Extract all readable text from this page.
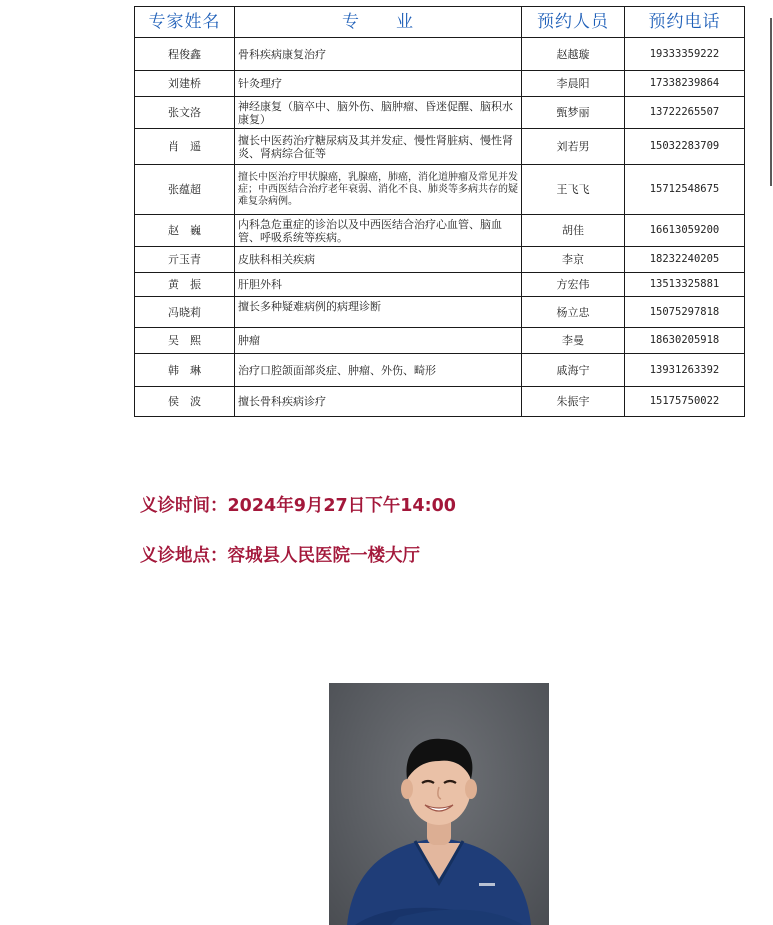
专家姓名	专　　业	预约人员	预约电话
程俊鑫	骨科疾病康复治疗	赵越璇	19333359222
刘建桥	针灸理疗	李晨阳	17338239864
张文洛	神经康复（脑卒中、脑外伤、脑肿瘤、昏迷促醒、脑积水康复）	甄梦丽	13722265507
肖　遥	擅长中医药治疗糖尿病及其并发症、慢性肾脏病、慢性肾炎、肾病综合征等	刘若男	15032283709
张蕴超	擅长中医治疗甲状腺癌，乳腺癌，肺癌，消化道肿瘤及常见并发症；中西医结合治疗老年衰弱、消化不良、肺炎等多病共存的疑难复杂病例。	王飞飞	15712548675
赵　巍	内科急危重症的诊治以及中西医结合治疗心血管、脑血管、呼吸系统等疾病。	胡佳	16613059200
亓玉青	皮肤科相关疾病	李京	18232240205
黄　振	肝胆外科	方宏伟	13513325881
冯晓莉	擅长多种疑难病例的病理诊断	杨立忠	15075297818
吴　熙	肿瘤	李曼	18630205918
韩　琳	治疗口腔颌面部炎症、肿瘤、外伤、畸形	戚海宁	13931263392
侯　波	擅长骨科疾病诊疗	朱振宇	15175750022
义诊时间：2024年9月27日下午14:00
义诊地点：容城县人民医院一楼大厅
